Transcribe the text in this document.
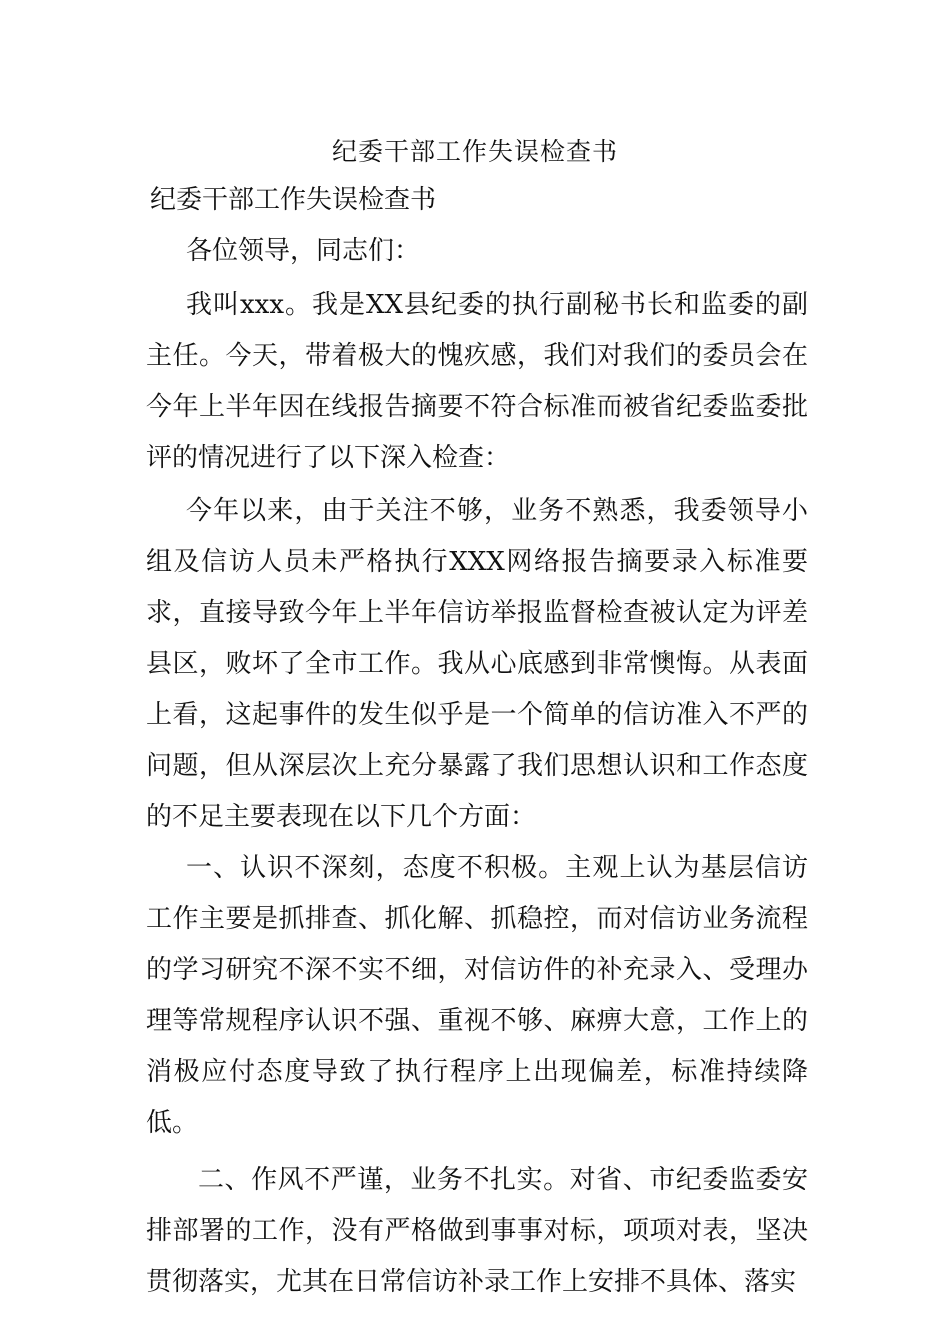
纪委干部工作失误检查书
纪委干部工作失误检查书

各位领导，同志们：

我叫xxx。我是XX县纪委的执行副秘书长和监委的副主任。今天，带着极大的愧疚感，我们对我们的委员会在今年上半年因在线报告摘要不符合标准而被省纪委监委批评的情况进行了以下深入检查：

今年以来，由于关注不够，业务不熟悉，我委领导小组及信访人员未严格执行XXX网络报告摘要录入标准要求，直接导致今年上半年信访举报监督检查被认定为评差县区，败坏了全市工作。我从心底感到非常懊悔。从表面上看，这起事件的发生似乎是一个简单的信访准入不严的问题，但从深层次上充分暴露了我们思想认识和工作态度的不足主要表现在以下几个方面：

一、认识不深刻，态度不积极。主观上认为基层信访工作主要是抓排查、抓化解、抓稳控，而对信访业务流程的学习研究不深不实不细，对信访件的补充录入、受理办理等常规程序认识不强、重视不够、麻痹大意，工作上的消极应付态度导致了执行程序上出现偏差，标准持续降低。

二、作风不严谨，业务不扎实。对省、市纪委监委安排部署的工作，没有严格做到事事对标，项项对表，坚决贯彻落实，尤其在日常信访补录工作上安排不具体、落实
